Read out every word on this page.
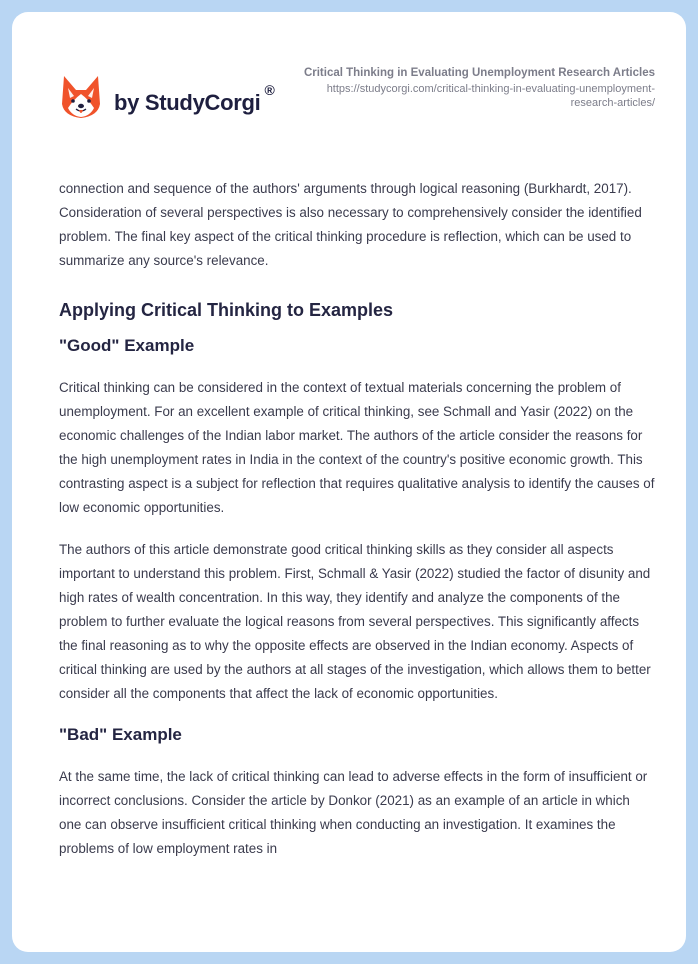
by StudyCorgi ®
Critical Thinking in Evaluating Unemployment Research Articles
https://studycorgi.com/critical-thinking-in-evaluating-unemployment-research-articles/

connection and sequence of the authors' arguments through logical reasoning (Burkhardt, 2017). Consideration of several perspectives is also necessary to comprehensively consider the identified problem. The final key aspect of the critical thinking procedure is reflection, which can be used to summarize any source's relevance.

Applying Critical Thinking to Examples
"Good" Example

Critical thinking can be considered in the context of textual materials concerning the problem of unemployment. For an excellent example of critical thinking, see Schmall and Yasir (2022) on the economic challenges of the Indian labor market. The authors of the article consider the reasons for the high unemployment rates in India in the context of the country's positive economic growth. This contrasting aspect is a subject for reflection that requires qualitative analysis to identify the causes of low economic opportunities.

The authors of this article demonstrate good critical thinking skills as they consider all aspects important to understand this problem. First, Schmall & Yasir (2022) studied the factor of disunity and high rates of wealth concentration. In this way, they identify and analyze the components of the problem to further evaluate the logical reasons from several perspectives. This significantly affects the final reasoning as to why the opposite effects are observed in the Indian economy. Aspects of critical thinking are used by the authors at all stages of the investigation, which allows them to better consider all the components that affect the lack of economic opportunities.

"Bad" Example

At the same time, the lack of critical thinking can lead to adverse effects in the form of insufficient or incorrect conclusions. Consider the article by Donkor (2021) as an example of an article in which one can observe insufficient critical thinking when conducting an investigation. It examines the problems of low employment rates in
